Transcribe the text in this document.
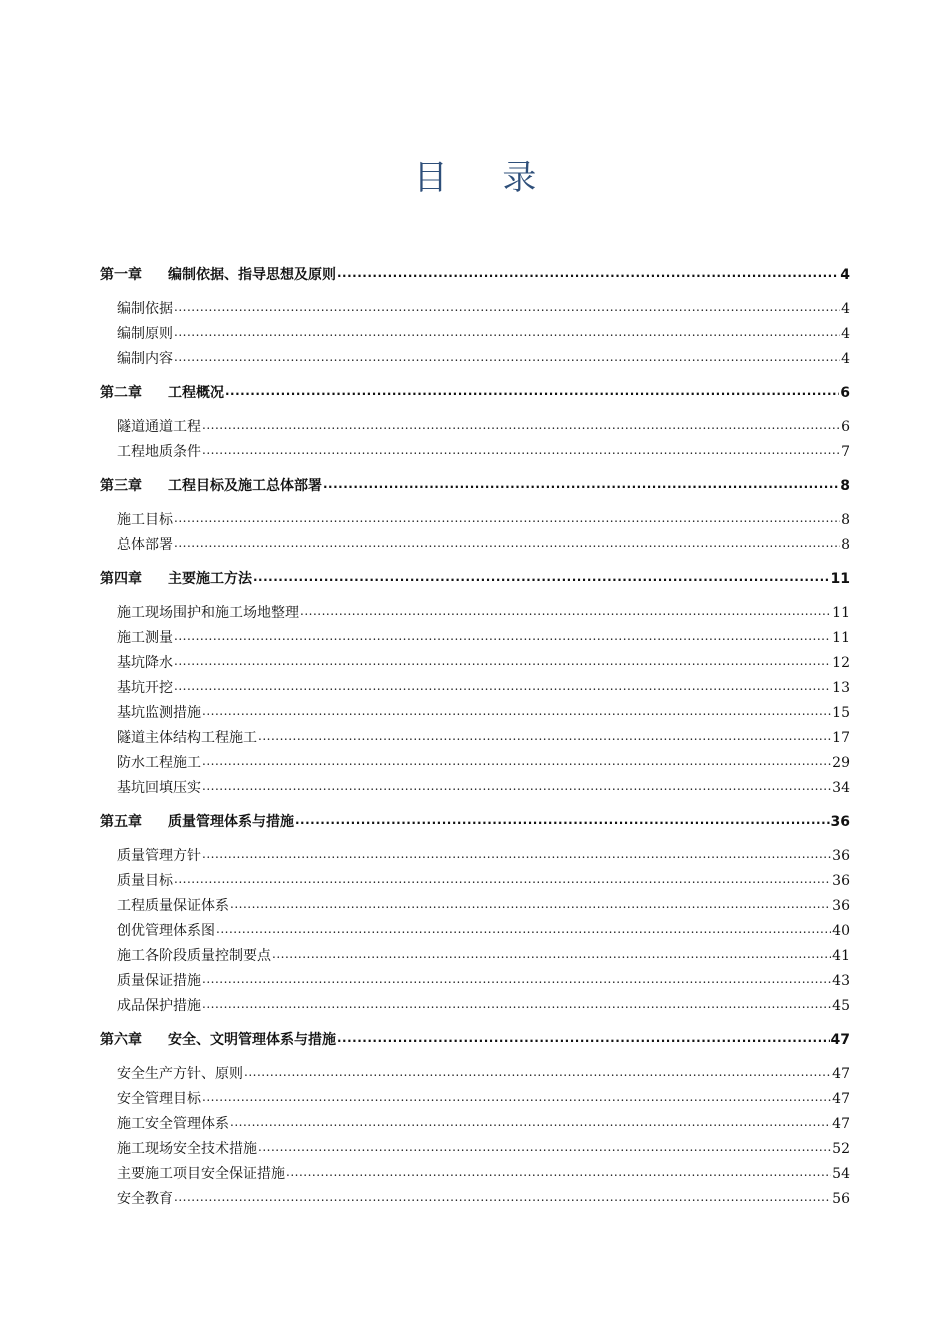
目 录
第一章 编制依据、指导思想及原则 .....	4
编制依据 .....	4
编制原则 .....	4
编制内容 .....	4
第二章 工程概况 .....	6
隧道通道工程 .....	6
工程地质条件 .....	7
第三章 工程目标及施工总体部署 .....	8
施工目标 .....	8
总体部署 .....	8
第四章 主要施工方法 .....	11
施工现场围护和施工场地整理 .....	11
施工测量 .....	11
基坑降水 .....	12
基坑开挖 .....	13
基坑监测措施 .....	15
隧道主体结构工程施工 .....	17
防水工程施工 .....	29
基坑回填压实 .....	34
第五章 质量管理体系与措施 .....	36
质量管理方针 .....	36
质量目标 .....	36
工程质量保证体系 .....	36
创优管理体系图 .....	40
施工各阶段质量控制要点 .....	41
质量保证措施 .....	43
成品保护措施 .....	45
第六章 安全、文明管理体系与措施 .....	47
安全生产方针、原则 .....	47
安全管理目标 .....	47
施工安全管理体系 .....	47
施工现场安全技术措施 .....	52
主要施工项目安全保证措施 .....	54
安全教育 .....	56
